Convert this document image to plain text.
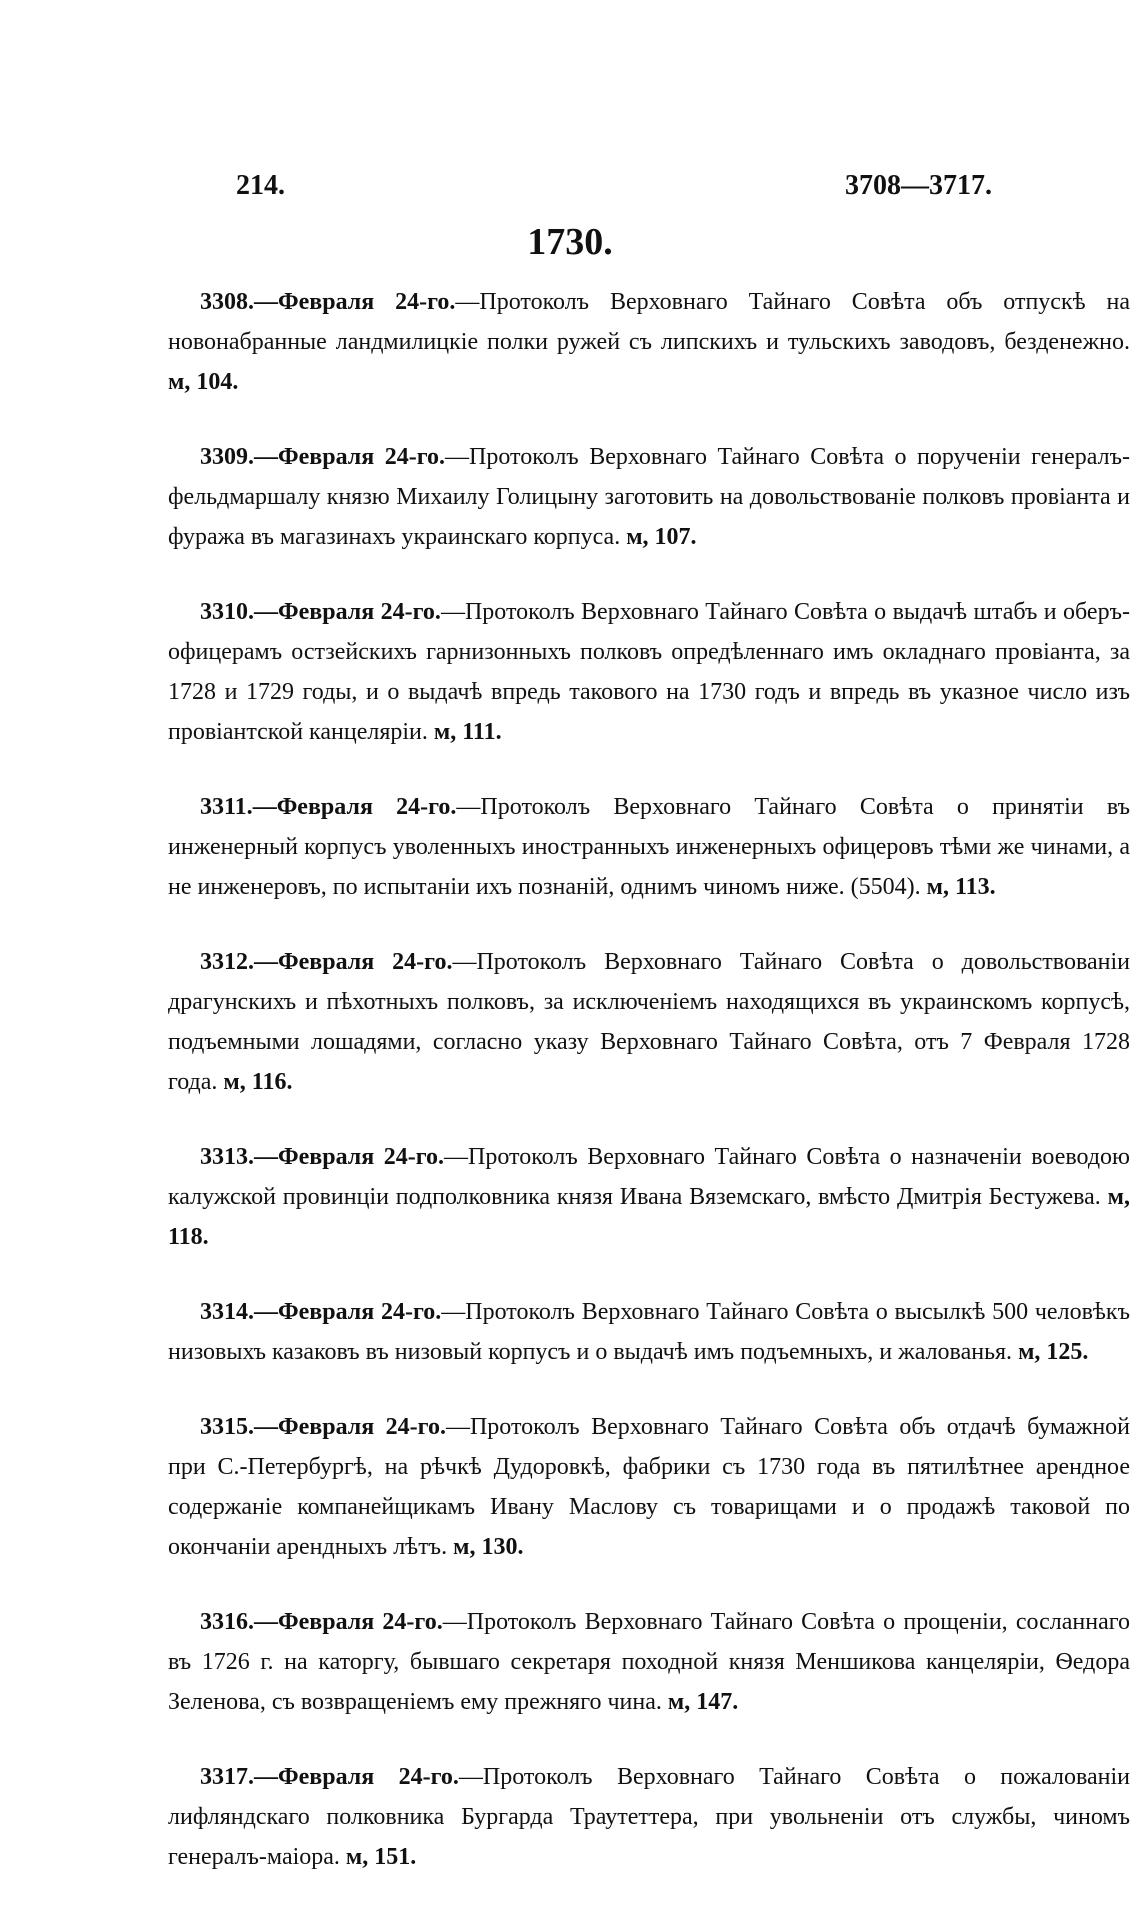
214.	3708—3717.
1730.

3308.—Февраля 24-го.—Протоколъ Верховнаго Тайнаго Совѣта объ отпускѣ на новонабранные ландмилицкіе полки ружей съ липскихъ и тульскихъ заводовъ, безденежно. ᴍ, 104.

3309.—Февраля 24-го.—Протоколъ Верховнаго Тайнаго Совѣта о порученіи генералъ-фельдмаршалу князю Михаилу Голицыну заготовить на довольствованіе полковъ провіанта и фуража въ магазинахъ украинскаго корпуса. ᴍ, 107.

3310.—Февраля 24-го.—Протоколъ Верховнаго Тайнаго Совѣта о выдачѣ штабъ и оберъ-офицерамъ остзейскихъ гарнизонныхъ полковъ опредѣленнаго имъ окладнаго провіанта, за 1728 и 1729 годы, и о выдачѣ впредь такового на 1730 годъ и впредь въ указное число изъ провіантской канцеляріи. ᴍ, 111.

3311.—Февраля 24-го.—Протоколъ Верховнаго Тайнаго Совѣта о принятіи въ инженерный корпусъ уволенныхъ иностранныхъ инженерныхъ офицеровъ тѣми же чинами, а не инженеровъ, по испытаніи ихъ познаній, однимъ чиномъ ниже. (5504). ᴍ, 113.

3312.—Февраля 24-го.—Протоколъ Верховнаго Тайнаго Совѣта о довольствованіи драгунскихъ и пѣхотныхъ полковъ, за исключеніемъ находящихся въ украинскомъ корпусѣ, подъемными лошадями, согласно указу Верховнаго Тайнаго Совѣта, отъ 7 Февраля 1728 года. ᴍ, 116.

3313.—Февраля 24-го.—Протоколъ Верховнаго Тайнаго Совѣта о назначеніи воеводою калужской провинціи подполковника князя Ивана Вяземскаго, вмѣсто Дмитрія Бестужева. ᴍ, 118.

3314.—Февраля 24-го.—Протоколъ Верховнаго Тайнаго Совѣта о высылкѣ 500 человѣкъ низовыхъ казаковъ въ низовый корпусъ и о выдачѣ имъ подъемныхъ, и жалованья. ᴍ, 125.

3315.—Февраля 24-го.—Протоколъ Верховнаго Тайнаго Совѣта объ отдачѣ бумажной при С.-Петербургѣ, на рѣчкѣ Дудоровкѣ, фабрики съ 1730 года въ пятилѣтнее арендное содержаніе компанейщикамъ Ивану Маслову съ товарищами и о продажѣ таковой по окончаніи арендныхъ лѣтъ. ᴍ, 130.

3316.—Февраля 24-го.—Протоколъ Верховнаго Тайнаго Совѣта о прощеніи, сосланнаго въ 1726 г. на каторгу, бывшаго секретаря походной князя Меншикова канцеляріи, Ѳедора Зеленова, съ возвращеніемъ ему прежняго чина. ᴍ, 147.

3317.—Февраля 24-го.—Протоколъ Верховнаго Тайнаго Совѣта о пожалованіи лифляндскаго полковника Бургарда Траутеттера, при увольненіи отъ службы, чиномъ генералъ-маіора. ᴍ, 151.
